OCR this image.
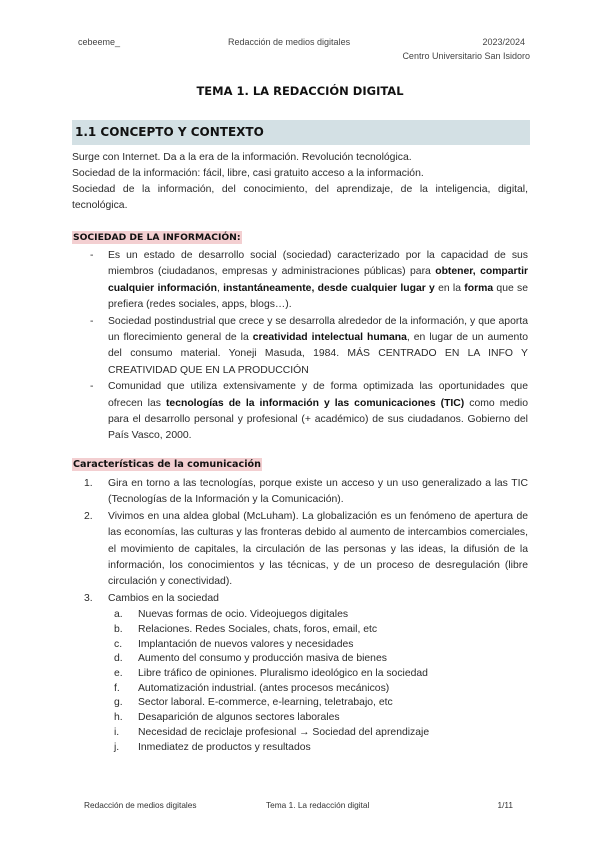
cebeeme_	Redacción de medios digitales	2023/2024
Centro Universitario San Isidoro
TEMA 1. LA REDACCIÓN DIGITAL
1.1 CONCEPTO Y CONTEXTO
Surge con Internet. Da a la era de la información. Revolución tecnológica.
Sociedad de la información: fácil, libre, casi gratuito acceso a la información.
Sociedad de la información, del conocimiento, del aprendizaje, de la inteligencia, digital, tecnológica.
SOCIEDAD DE LA INFORMACIÓN:
-	Es un estado de desarrollo social (sociedad) caracterizado por la capacidad de sus miembros (ciudadanos, empresas y administraciones públicas) para obtener, compartir cualquier información, instantáneamente, desde cualquier lugar y en la forma que se prefiera (redes sociales, apps, blogs…).
-	Sociedad postindustrial que crece y se desarrolla alrededor de la información, y que aporta un florecimiento general de la creatividad intelectual humana, en lugar de un aumento del consumo material. Yoneji Masuda, 1984. MÁS CENTRADO EN LA INFO Y CREATIVIDAD QUE EN LA PRODUCCIÓN
-	Comunidad que utiliza extensivamente y de forma optimizada las oportunidades que ofrecen las tecnologías de la información y las comunicaciones (TIC) como medio para el desarrollo personal y profesional (+ académico) de sus ciudadanos. Gobierno del País Vasco, 2000.
Características de la comunicación
1.	Gira en torno a las tecnologías, porque existe un acceso y un uso generalizado a las TIC (Tecnologías de la Información y la Comunicación).
2.	Vivimos en una aldea global (McLuham). La globalización es un fenómeno de apertura de las economías, las culturas y las fronteras debido al aumento de intercambios comerciales, el movimiento de capitales, la circulación de las personas y las ideas, la difusión de la información, los conocimientos y las técnicas, y de un proceso de desregulación (libre circulación y conectividad).
3.	Cambios en la sociedad
a.	Nuevas formas de ocio. Videojuegos digitales
b.	Relaciones. Redes Sociales, chats, foros, email, etc
c.	Implantación de nuevos valores y necesidades
d.	Aumento del consumo y producción masiva de bienes
e.	Libre tráfico de opiniones. Pluralismo ideológico en la sociedad
f.	Automatización industrial. (antes procesos mecánicos)
g.	Sector laboral. E-commerce, e-learning, teletrabajo, etc
h.	Desaparición de algunos sectores laborales
i.	Necesidad de reciclaje profesional → Sociedad del aprendizaje
j.	Inmediatez de productos y resultados
Redacción de medios digitales	Tema 1. La redacción digital	1/11
